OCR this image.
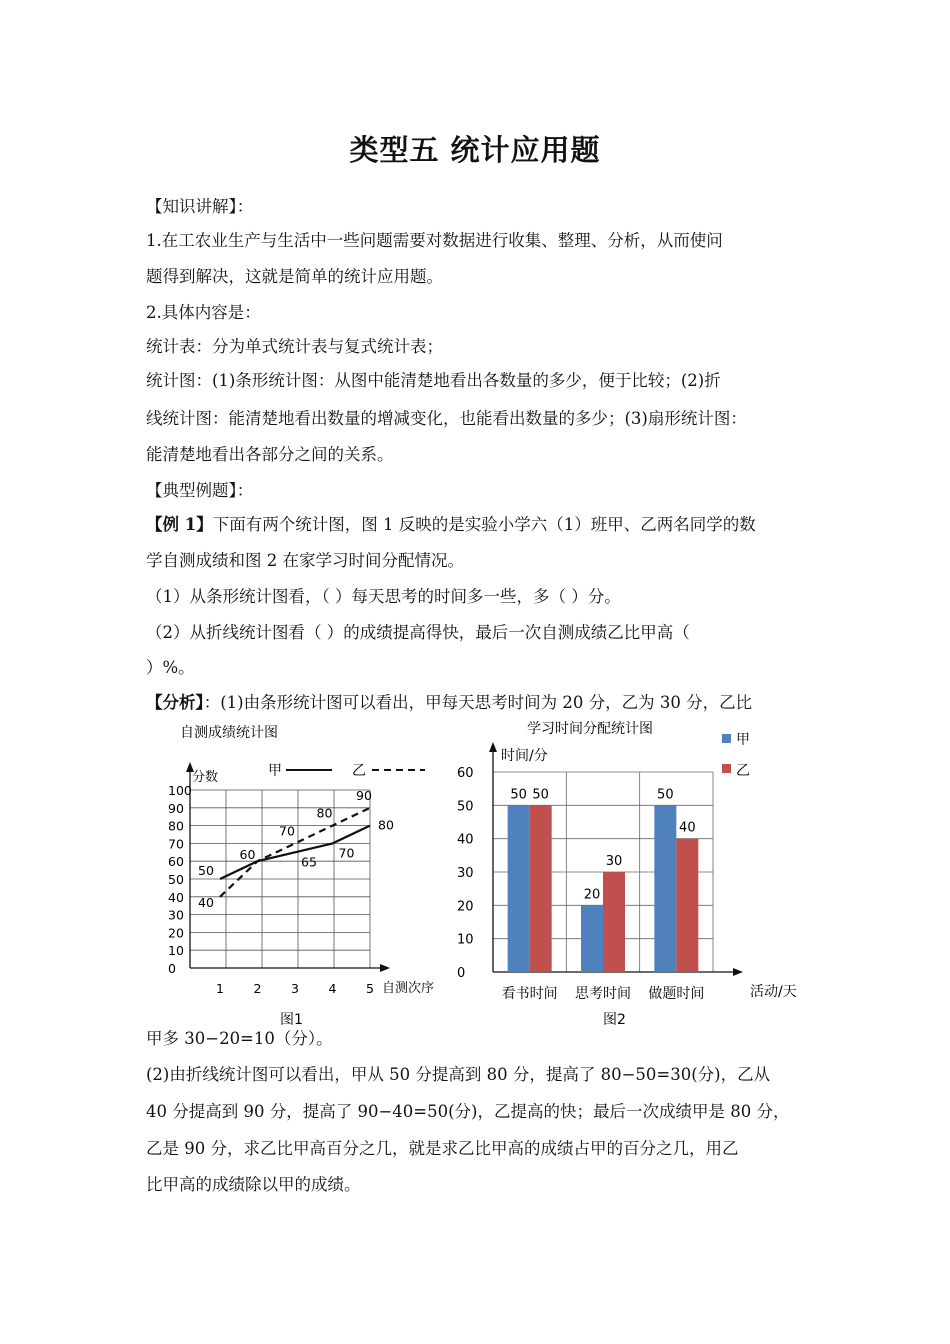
类型五 统计应用题
【知识讲解】：
1.在工农业生产与生活中一些问题需要对数据进行收集、整理、分析，从而使问
题得到解决，这就是简单的统计应用题。
2.具体内容是：
统计表：分为单式统计表与复式统计表；
统计图：(1)条形统计图：从图中能清楚地看出各数量的多少，便于比较；(2)折
线统计图：能清楚地看出数量的增减变化，也能看出数量的多少；(3)扇形统计图：
能清楚地看出各部分之间的关系。
【典型例题】：
【例 1】下面有两个统计图，图 1 反映的是实验小学六（1）班甲、乙两名同学的数
学自测成绩和图 2 在家学习时间分配情况。
（1）从条形统计图看，（ ）每天思考的时间多一些，多（ ）分。
（2）从折线统计图看（ ）的成绩提高得快，最后一次自测成绩乙比甲高（
）%。
【分析】：(1)由条形统计图可以看出，甲每天思考时间为 20 分，乙为 30 分，乙比
自测成绩统计图
甲	乙
0
10
20
30
40
50
60
70
80
90
100
1 2 3 4 5
50
60	65
70
80
40
70
80
90
分数
自测次序
图1
学习时间分配统计图
甲
乙
时间/分
0
10
20
30
40
50
60
看书时间 思考时间 做题时间
50
20
50
50
30
40
活动/天
图2
甲多 30−20=10（分）。
(2)由折线统计图可以看出，甲从 50 分提高到 80 分，提高了 80−50=30(分)，乙从
40 分提高到 90 分，提高了 90−40=50(分)，乙提高的快；最后一次成绩甲是 80 分，
乙是 90 分，求乙比甲高百分之几，就是求乙比甲高的成绩占甲的百分之几，用乙
比甲高的成绩除以甲的成绩。
